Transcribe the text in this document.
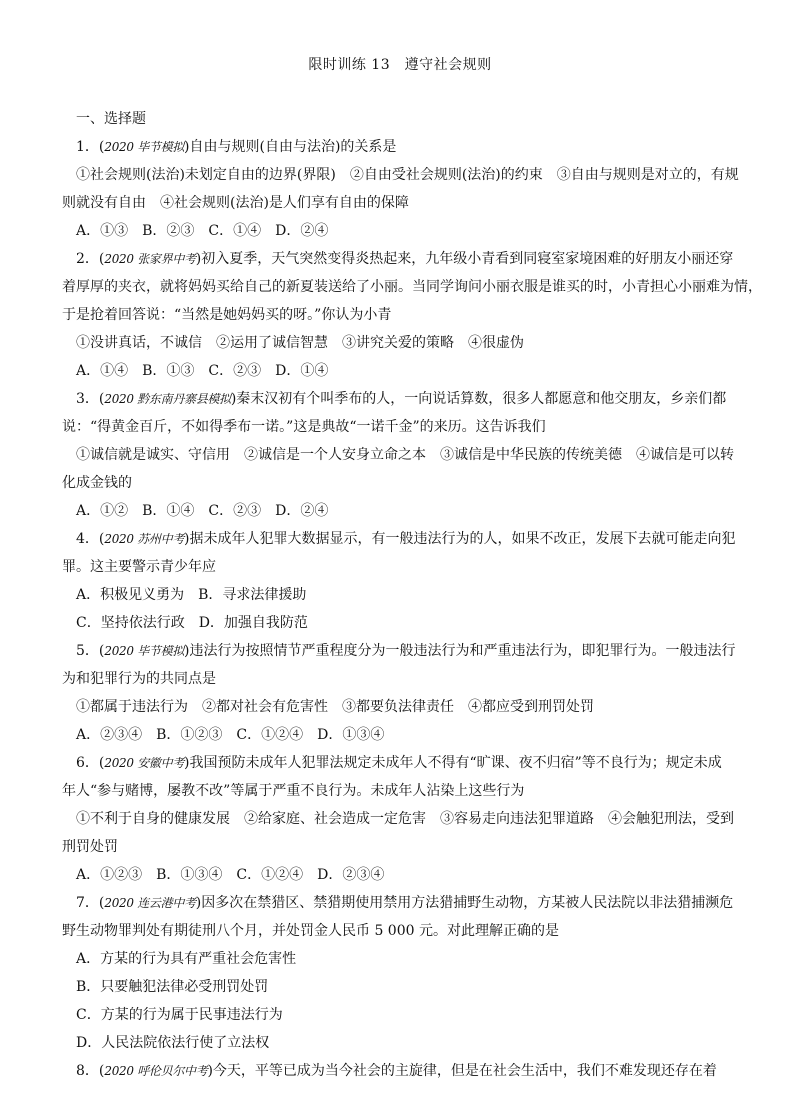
限时训练 13　遵守社会规则
一、选择题
1．(2020 毕节模拟)自由与规则(自由与法治)的关系是
①社会规则(法治)未划定自由的边界(界限)　②自由受社会规则(法治)的约束　③自由与规则是对立的，有规
则就没有自由　④社会规则(法治)是人们享有自由的保障
A．①③　B．②③　C．①④　D．②④
2．(2020 张家界中考)初入夏季，天气突然变得炎热起来，九年级小青看到同寝室家境困难的好朋友小丽还穿
着厚厚的夹衣，就将妈妈买给自己的新夏装送给了小丽。当同学询问小丽衣服是谁买的时，小青担心小丽难为情，
于是抢着回答说：“当然是她妈妈买的呀。”你认为小青
①没讲真话，不诚信　②运用了诚信智慧　③讲究关爱的策略　④很虚伪
A．①④　B．①③　C．②③　D．①④
3．(2020 黔东南丹寨县模拟)秦末汉初有个叫季布的人，一向说话算数，很多人都愿意和他交朋友，乡亲们都
说：“得黄金百斤，不如得季布一诺。”这是典故“一诺千金”的来历。这告诉我们
①诚信就是诚实、守信用　②诚信是一个人安身立命之本　③诚信是中华民族的传统美德　④诚信是可以转
化成金钱的
A．①②　B．①④　C．②③　D．②④
4．(2020 苏州中考)据未成年人犯罪大数据显示，有一般违法行为的人，如果不改正，发展下去就可能走向犯
罪。这主要警示青少年应
A．积极见义勇为　B．寻求法律援助
C．坚持依法行政　D．加强自我防范
5．(2020 毕节模拟)违法行为按照情节严重程度分为一般违法行为和严重违法行为，即犯罪行为。一般违法行
为和犯罪行为的共同点是
①都属于违法行为　②都对社会有危害性　③都要负法律责任　④都应受到刑罚处罚
A．②③④　B．①②③　C．①②④　D．①③④
6．(2020 安徽中考)我国预防未成年人犯罪法规定未成年人不得有“旷课、夜不归宿”等不良行为；规定未成
年人“参与赌博，屡教不改”等属于严重不良行为。未成年人沾染上这些行为
①不利于自身的健康发展　②给家庭、社会造成一定危害　③容易走向违法犯罪道路　④会触犯刑法，受到
刑罚处罚
A．①②③　B．①③④　C．①②④　D．②③④
7．(2020 连云港中考)因多次在禁猎区、禁猎期使用禁用方法猎捕野生动物，方某被人民法院以非法猎捕濒危
野生动物罪判处有期徒刑八个月，并处罚金人民币 5 000 元。对此理解正确的是
A．方某的行为具有严重社会危害性
B．只要触犯法律必受刑罚处罚
C．方某的行为属于民事违法行为
D．人民法院依法行使了立法权
8．(2020 呼伦贝尔中考)今天，平等已成为当今社会的主旋律，但是在社会生活中，我们不难发现还存在着
